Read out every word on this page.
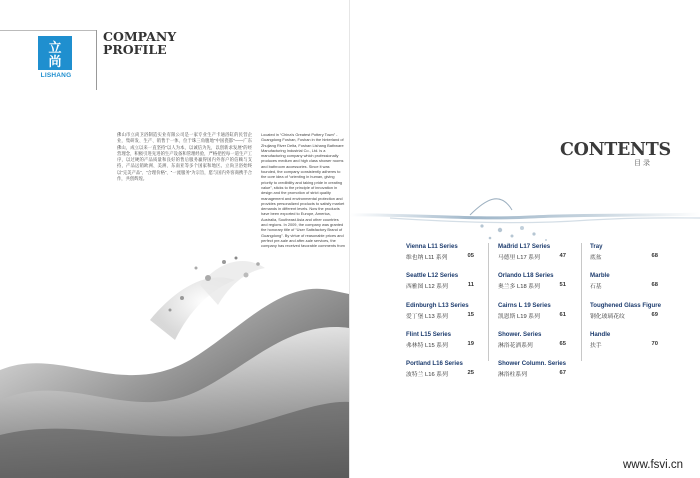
立
尚
LISHANG
COMPANY
PROFILE
佛山市立尚卫浴制造实业有限公司是一家专业生产卡通浴缸的民营企业，集研发、生产、销售于一体，位于珠三角腹地“中国瓷都”——广东佛山，成立以来一直坚持“以人为本，以诚信为先，以创新求发展”的经营理念，积极引进先进的生产设备和管理经验，严格把控每一道生产工序，以过硬的产品质量和良好的售后服务赢得国内外客户的信赖与支持，产品远销欧洲、美洲、东南亚等多个国家和地区。立尚卫浴始终以“完美产品”、“合理价格”、“一流服务”为宗旨，愿与国内外客商携手合作，共创辉煌。
Located in “China’s Greatest Pottery Town” - Guangdong Foshan, Foshan in the hinterland of Zhujiang River Delta, Foshan Lishang Bathware Manufacturing Industrial Co., Ltd. is a manufacturing company which professionally produces medium and high class shower rooms and bathroom accessories. Since it was founded, the company consistently adheres to the core idea of “orienting in human, giving priority to credibility and taking pride in creating value”, sticks to the principle of innovation in design and the promotion of strict quality management and environmental protection and provides personalized products to satisfy market demands in different levels. Now the products have been exported to Europe, America, Australia, Southeast Asia and other countries and regions. In 2009, the company was granted the honorary title of “User Satisfactory Brand of Guangdong”. By virtue of reasonable prices and perfect pre-sale and after-sale services, the company has received favorable comments from
CONTENTS
目 录
Vienna L11 Series
维也纳 L11 系列	05
Seattle L12 Series
西雅图 L12 系列	11
Edinburgh L13 Series
爱丁堡 L13 系列	15
Flint L15 Series
弗林特 L15 系列	19
Portland L16 Series
波特兰 L16 系列	25
Madrid L17 Series
马德里 L17 系列	47
Orlando L18 Series
奥兰多 L18 系列	51
Cairns L 19 Series
凯恩斯 L19 系列	61
Shower. Series
淋浴花洒系列	65
Shower Column. Series
淋浴柱系列	67
Tray
底盆	68
Marble
石基	68
Toughened Glass Figure
钢化玻璃花纹	69
Handle
扶手	70
www.fsvi.cn
